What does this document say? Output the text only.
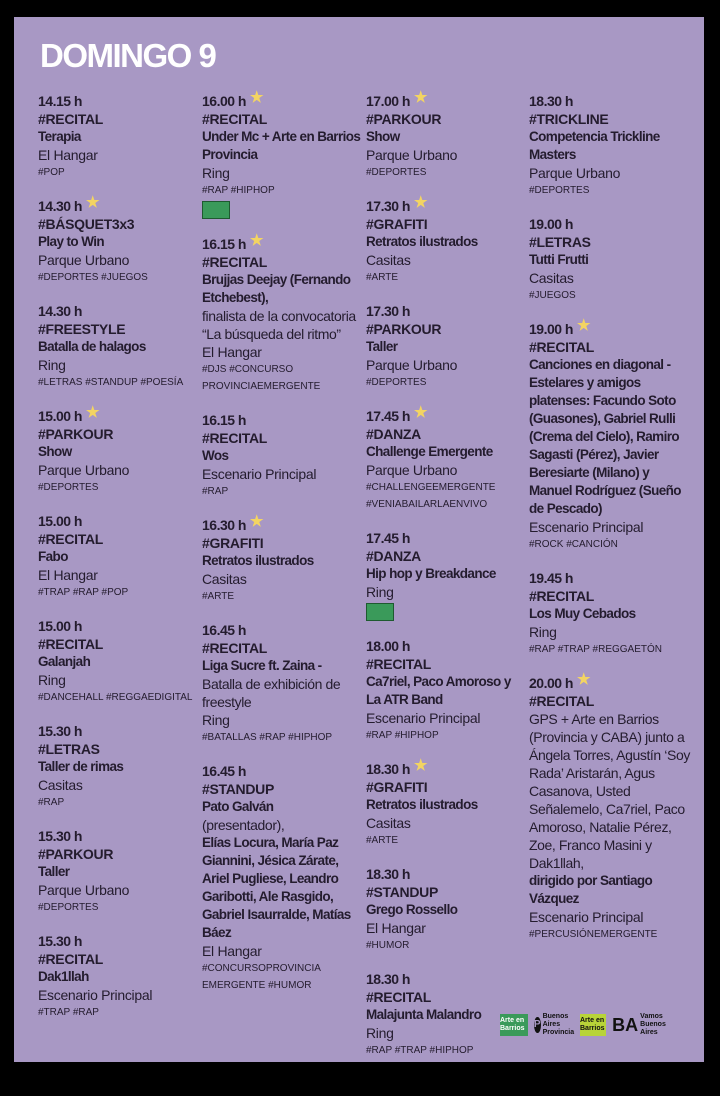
DOMINGO 9
14.15 h
#RECITAL
Terapia
El Hangar
#POP
14.30 h ★
#BÁSQUET3x3
Play to Win
Parque Urbano
#DEPORTES #JUEGOS
14.30 h
#FREESTYLE
Batalla de halagos
Ring
#LETRAS #STANDUP #POESÍA
15.00 h ★
#PARKOUR
Show
Parque Urbano
#DEPORTES
15.00 h
#RECITAL
Fabo
El Hangar
#TRAP #RAP #POP
15.00 h
#RECITAL
Galanjah
Ring
#DANCEHALL #REGGAEDIGITAL
15.30 h
#LETRAS
Taller de rimas
Casitas
#RAP
15.30 h
#PARKOUR
Taller
Parque Urbano
#DEPORTES
15.30 h
#RECITAL
Dak1llah
Escenario Principal
#TRAP #RAP
16.00 h ★
#RECITAL
Under Mc + Arte en Barrios Provincia
Ring
#RAP #HIPHOP
16.15 h ★
#RECITAL
Brujjas Deejay (Fernando Etchebest),
finalista de la convocatoria “La búsqueda del ritmo”
El Hangar
#DJS #CONCURSO PROVINCIAEMERGENTE
16.15 h
#RECITAL
Wos
Escenario Principal
#RAP
16.30 h ★
#GRAFITI
Retratos ilustrados
Casitas
#ARTE
16.45 h
#RECITAL
Liga Sucre ft. Zaina -
Batalla de exhibición de freestyle
Ring
#BATALLAS #RAP #HIPHOP
16.45 h
#STANDUP
Pato Galván
(presentador),
Elías Locura, María Paz Giannini, Jésica Zárate, Ariel Pugliese, Leandro Garibotti, Ale Rasgido, Gabriel Isaurralde, Matías Báez
El Hangar
#CONCURSOPROVINCIA EMERGENTE #HUMOR
17.00 h ★
#PARKOUR
Show
Parque Urbano
#DEPORTES
17.30 h ★
#GRAFITI
Retratos ilustrados
Casitas
#ARTE
17.30 h
#PARKOUR
Taller
Parque Urbano
#DEPORTES
17.45 h ★
#DANZA
Challenge Emergente
Parque Urbano
#CHALLENGEEMERGENTE #VENIABAILARLAENVIVO
17.45 h
#DANZA
Hip hop y Breakdance
Ring
18.00 h
#RECITAL
Ca7riel, Paco Amoroso y La ATR Band
Escenario Principal
#RAP #HIPHOP
18.30 h ★
#GRAFITI
Retratos ilustrados
Casitas
#ARTE
18.30 h
#STANDUP
Grego Rossello
El Hangar
#HUMOR
18.30 h
#RECITAL
Malajunta Malandro
Ring
#RAP #TRAP #HIPHOP
18.30 h
#TRICKLINE
Competencia Trickline Masters
Parque Urbano
#DEPORTES
19.00 h
#LETRAS
Tutti Frutti
Casitas
#JUEGOS
19.00 h ★
#RECITAL
Canciones en diagonal - Estelares y amigos platenses: Facundo Soto (Guasones), Gabriel Rulli (Crema del Cielo), Ramiro Sagasti (Pérez), Javier Beresiarte (Milano) y Manuel Rodríguez (Sueño de Pescado)
Escenario Principal
#ROCK #CANCIÓN
19.45 h
#RECITAL
Los Muy Cebados
Ring
#RAP #TRAP #REGGAETÓN
20.00 h ★
#RECITAL
GPS + Arte en Barrios (Provincia y CABA) junto a Ángela Torres, Agustín ‘Soy Rada’ Aristarán, Agus Casanova, Usted Señalemelo, Ca7riel, Paco Amoroso, Natalie Pérez, Zoe, Franco Masini y Dak1llah,
dirigido por Santiago Vázquez
Escenario Principal
#PERCUSIÓNEMERGENTE
Arte en Barrios P
Buenos Aires Provincia
Arte en Barrios BA Vamos Buenos Aires
